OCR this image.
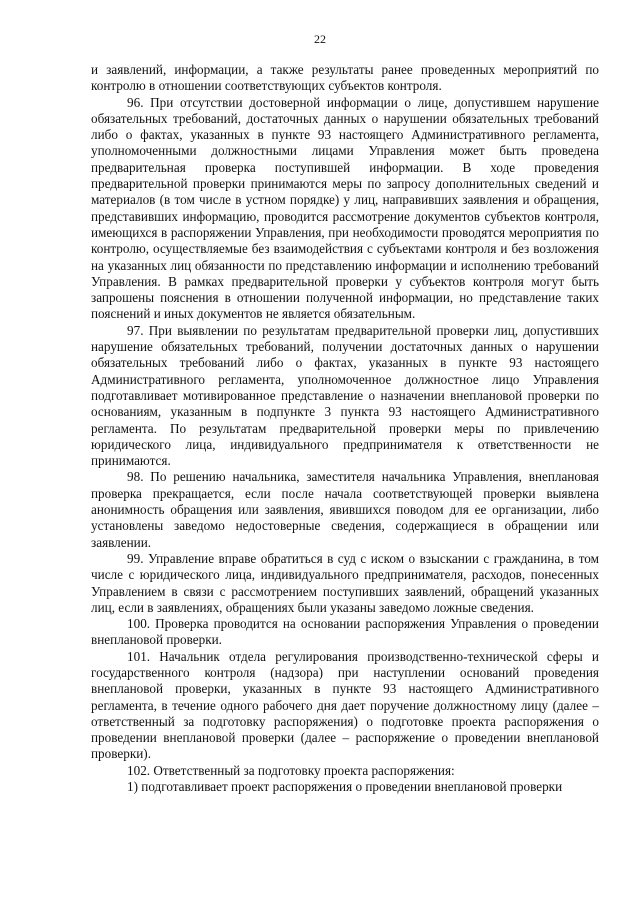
22

и заявлений, информации, а также результаты ранее проведенных мероприятий по контролю в отношении соответствующих субъектов контроля.

96. При отсутствии достоверной информации о лице, допустившем нарушение обязательных требований, достаточных данных о нарушении обязательных требований либо о фактах, указанных в пункте 93 настоящего Административного регламента, уполномоченными должностными лицами Управления может быть проведена предварительная проверка поступившей информации. В ходе проведения предварительной проверки принимаются меры по запросу дополнительных сведений и материалов (в том числе в устном порядке) у лиц, направивших заявления и обращения, представивших информацию, проводится рассмотрение документов субъектов контроля, имеющихся в распоряжении Управления, при необходимости проводятся мероприятия по контролю, осуществляемые без взаимодействия с субъектами контроля и без возложения на указанных лиц обязанности по представлению информации и исполнению требований Управления. В рамках предварительной проверки у субъектов контроля могут быть запрошены пояснения в отношении полученной информации, но представление таких пояснений и иных документов не является обязательным.

97. При выявлении по результатам предварительной проверки лиц, допустивших нарушение обязательных требований, получении достаточных данных о нарушении обязательных требований либо о фактах, указанных в пункте 93 настоящего Административного регламента, уполномоченное должностное лицо Управления подготавливает мотивированное представление о назначении внеплановой проверки по основаниям, указанным в подпункте 3 пункта 93 настоящего Административного регламента. По результатам предварительной проверки меры по привлечению юридического лица, индивидуального предпринимателя к ответственности не принимаются.

98. По решению начальника, заместителя начальника Управления, внеплановая проверка прекращается, если после начала соответствующей проверки выявлена анонимность обращения или заявления, явившихся поводом для ее организации, либо установлены заведомо недостоверные сведения, содержащиеся в обращении или заявлении.

99. Управление вправе обратиться в суд с иском о взыскании с гражданина, в том числе с юридического лица, индивидуального предпринимателя, расходов, понесенных Управлением в связи с рассмотрением поступивших заявлений, обращений указанных лиц, если в заявлениях, обращениях были указаны заведомо ложные сведения.

100. Проверка проводится на основании распоряжения Управления о проведении внеплановой проверки.

101. Начальник отдела регулирования производственно-технической сферы и государственного контроля (надзора) при наступлении оснований проведения внеплановой проверки, указанных в пункте 93 настоящего Административного регламента, в течение одного рабочего дня дает поручение должностному лицу (далее – ответственный за подготовку распоряжения) о подготовке проекта распоряжения о проведении внеплановой проверки (далее – распоряжение о проведении внеплановой проверки).

102. Ответственный за подготовку проекта распоряжения:

1) подготавливает проект распоряжения о проведении внеплановой проверки
